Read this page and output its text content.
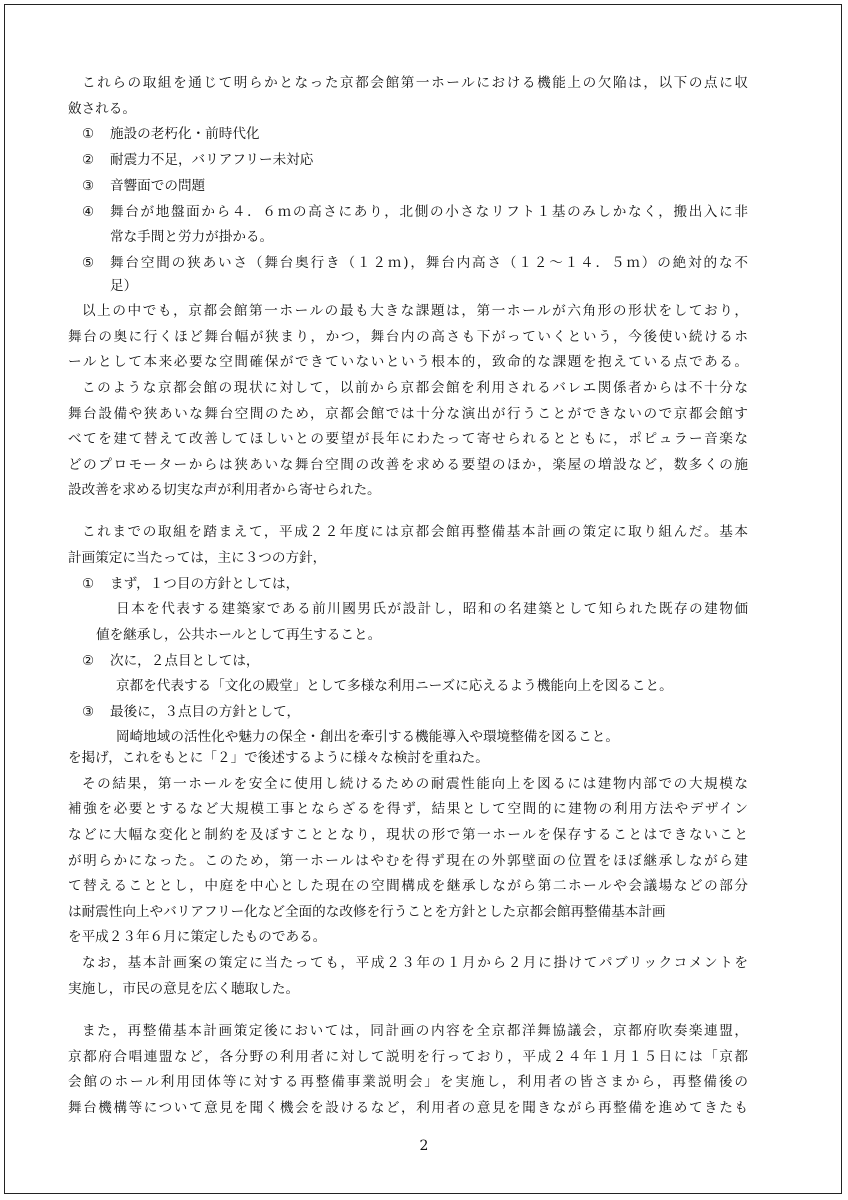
これらの取組を通じて明らかとなった京都会館第一ホールにおける機能上の欠陥は，以下の点に収
斂される。
① 施設の老朽化・前時代化
② 耐震力不足，バリアフリー未対応
③ 音響面での問題
④ 舞台が地盤面から４．６ｍの高さにあり，北側の小さなリフト１基のみしかなく，搬出入に非
常な手間と労力が掛かる。
⑤ 舞台空間の狭あいさ（舞台奥行き（１２ｍ)，舞台内高さ（１２～１４．５ｍ）の絶対的な不
足）
以上の中でも，京都会館第一ホールの最も大きな課題は，第一ホールが六角形の形状をしており，
舞台の奥に行くほど舞台幅が狭まり，かつ，舞台内の高さも下がっていくという，今後使い続けるホ
ールとして本来必要な空間確保ができていないという根本的，致命的な課題を抱えている点である。
このような京都会館の現状に対して，以前から京都会館を利用されるバレエ関係者からは不十分な
舞台設備や狭あいな舞台空間のため，京都会館では十分な演出が行うことができないので京都会館す
べてを建て替えて改善してほしいとの要望が長年にわたって寄せられるとともに，ポピュラー音楽な
どのプロモーターからは狭あいな舞台空間の改善を求める要望のほか，楽屋の増設など，数多くの施
設改善を求める切実な声が利用者から寄せられた。
これまでの取組を踏まえて，平成２２年度には京都会館再整備基本計画の策定に取り組んだ。基本
計画策定に当たっては，主に３つの方針，
① まず，１つ目の方針としては，
日本を代表する建築家である前川國男氏が設計し，昭和の名建築として知られた既存の建物価
値を継承し，公共ホールとして再生すること。
② 次に，２点目としては，
京都を代表する「文化の殿堂」として多様な利用ニーズに応えるよう機能向上を図ること。
③ 最後に，３点目の方針として，
岡崎地域の活性化や魅力の保全・創出を牽引する機能導入や環境整備を図ること。
を掲げ，これをもとに「２」で後述するように様々な検討を重ねた。
その結果，第一ホールを安全に使用し続けるための耐震性能向上を図るには建物内部での大規模な
補強を必要とするなど大規模工事とならざるを得ず，結果として空間的に建物の利用方法やデザイン
などに大幅な変化と制約を及ぼすこととなり，現状の形で第一ホールを保存することはできないこと
が明らかになった。このため，第一ホールはやむを得ず現在の外郭壁面の位置をほぼ継承しながら建
て替えることとし，中庭を中心とした現在の空間構成を継承しながら第二ホールや会議場などの部分
は耐震性向上やバリアフリー化など全面的な改修を行うことを方針とした京都会館再整備基本計画
を平成２３年６月に策定したものである。
なお，基本計画案の策定に当たっても，平成２３年の１月から２月に掛けてパブリックコメントを
実施し，市民の意見を広く聴取した。
また，再整備基本計画策定後においては，同計画の内容を全京都洋舞協議会，京都府吹奏楽連盟，
京都府合唱連盟など，各分野の利用者に対して説明を行っており，平成２４年１月１５日には「京都
会館のホール利用団体等に対する再整備事業説明会」を実施し，利用者の皆さまから，再整備後の
舞台機構等について意見を聞く機会を設けるなど，利用者の意見を聞きながら再整備を進めてきたも
2
